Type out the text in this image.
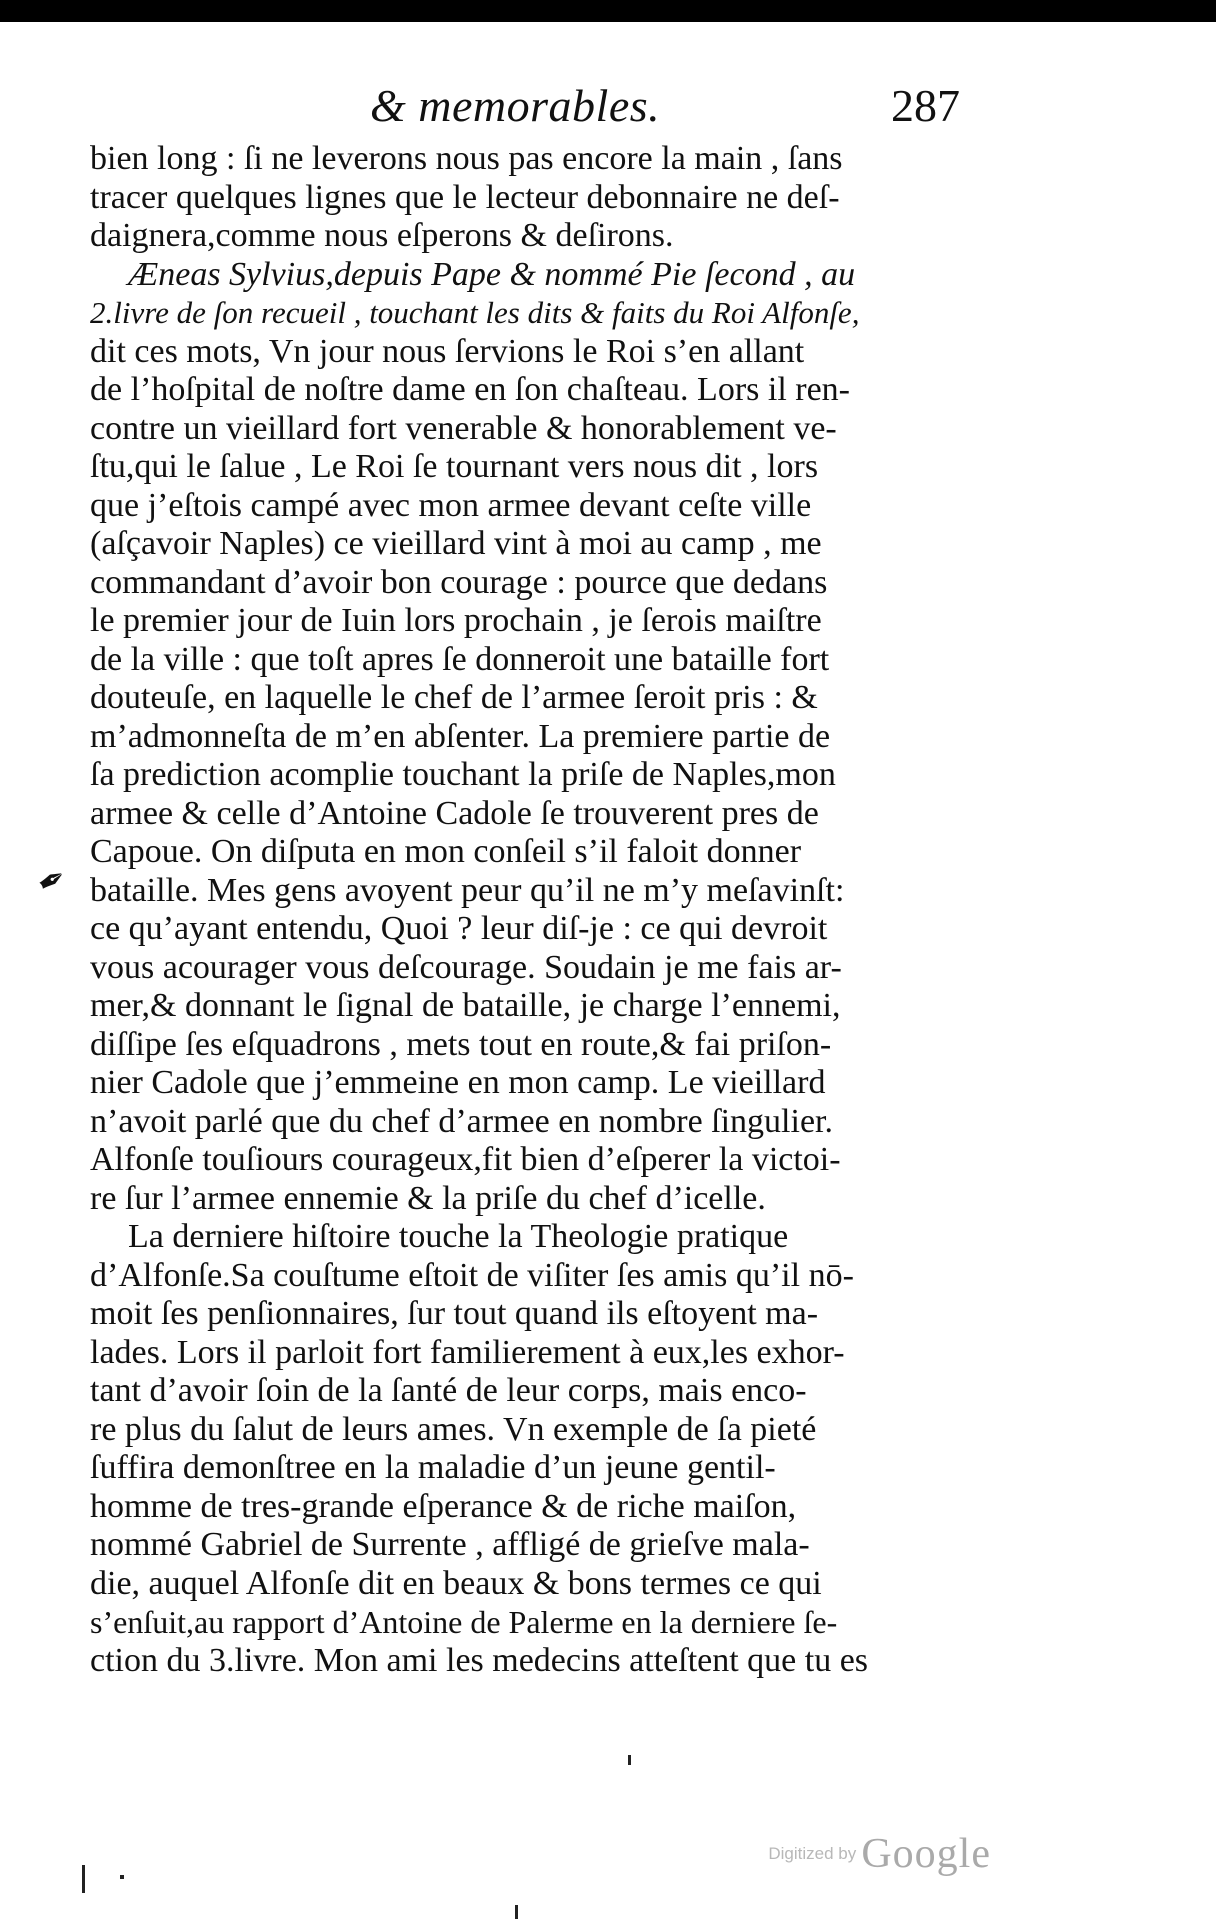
& memorables.	287
✒
bien long : ſi ne leverons nous pas encore la main , ſans
tracer quelques lignes que le lecteur debonnaire ne deſ-
daignera,comme nous eſperons & deſirons.
Æneas Sylvius,depuis Pape & nommé Pie ſecond , au
2.livre de ſon recueil , touchant les dits & faits du Roi Alfonſe,
dit ces mots, Vn jour nous ſervions le Roi s’en allant
de l’hoſpital de noſtre dame en ſon chaſteau. Lors il ren-
contre un vieillard fort venerable & honorablement ve-
ſtu,qui le ſalue , Le Roi ſe tournant vers nous dit , lors
que j’eſtois campé avec mon armee devant ceſte ville
(aſçavoir Naples) ce vieillard vint à moi au camp , me
commandant d’avoir bon courage : pource que dedans
le premier jour de Iuin lors prochain , je ſerois maiſtre
de la ville : que toſt apres ſe donneroit une bataille fort
douteuſe, en laquelle le chef de l’armee ſeroit pris : &
m’admonneſta de m’en abſenter. La premiere partie de
ſa prediction acomplie touchant la priſe de Naples,mon
armee & celle d’Antoine Cadole ſe trouverent pres de
Capoue. On diſputa en mon conſeil s’il faloit donner
bataille. Mes gens avoyent peur qu’il ne m’y meſavinſt:
ce qu’ayant entendu, Quoi ? leur diſ-je : ce qui devroit
vous acourager vous deſcourage. Soudain je me fais ar-
mer,& donnant le ſignal de bataille, je charge l’ennemi,
diſſipe ſes eſquadrons , mets tout en route,& fai priſon-
nier Cadole que j’emmeine en mon camp. Le vieillard
n’avoit parlé que du chef d’armee en nombre ſingulier.
Alfonſe touſiours courageux,fit bien d’eſperer la victoi-
re ſur l’armee ennemie & la priſe du chef d’icelle.
La derniere hiſtoire touche la Theologie pratique
d’Alfonſe.Sa couſtume eſtoit de viſiter ſes amis qu’il nō-
moit ſes penſionnaires, ſur tout quand ils eſtoyent ma-
lades. Lors il parloit fort familierement à eux,les exhor-
tant d’avoir ſoin de la ſanté de leur corps, mais enco-
re plus du ſalut de leurs ames. Vn exemple de ſa pieté
ſuffira demonſtree en la maladie d’un jeune gentil-
homme de tres-grande eſperance & de riche maiſon,
nommé Gabriel de Surrente , affligé de grieſve mala-
die, auquel Alfonſe dit en beaux & bons termes ce qui
s’enſuit,au rapport d’Antoine de Palerme en la derniere ſe-
ction du 3.livre. Mon ami les medecins atteſtent que tu es
Digitized by Google
